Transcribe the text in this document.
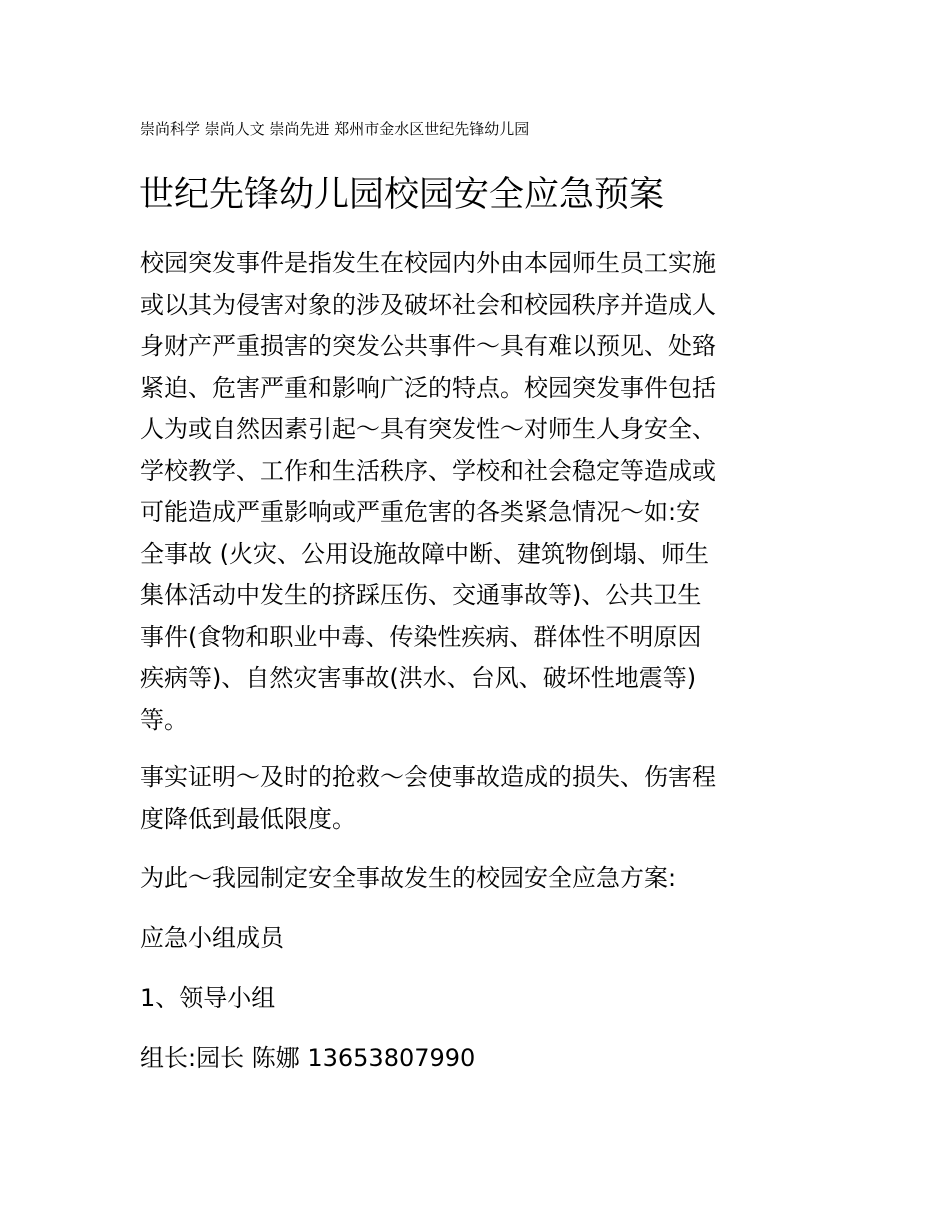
崇尚科学 崇尚人文 崇尚先进 郑州市金水区世纪先锋幼儿园
世纪先锋幼儿园校园安全应急预案

校园突发事件是指发生在校园内外由本园师生员工实施
或以其为侵害对象的涉及破坏社会和校园秩序并造成人
身财产严重损害的突发公共事件～具有难以预见、处臵
紧迫、危害严重和影响广泛的特点。校园突发事件包括
人为或自然因素引起～具有突发性～对师生人身安全、
学校教学、工作和生活秩序、学校和社会稳定等造成或
可能造成严重影响或严重危害的各类紧急情况～如:安
全事故 (火灾、公用设施故障中断、建筑物倒塌、师生
集体活动中发生的挤踩压伤、交通事故等)、公共卫生
事件(食物和职业中毒、传染性疾病、群体性不明原因
疾病等)、自然灾害事故(洪水、台风、破坏性地震等)
等。

事实证明～及时的抢救～会使事故造成的损失、伤害程
度降低到最低限度。

为此～我园制定安全事故发生的校园安全应急方案:

应急小组成员

1、领导小组

组长:园长 陈娜 13653807990
